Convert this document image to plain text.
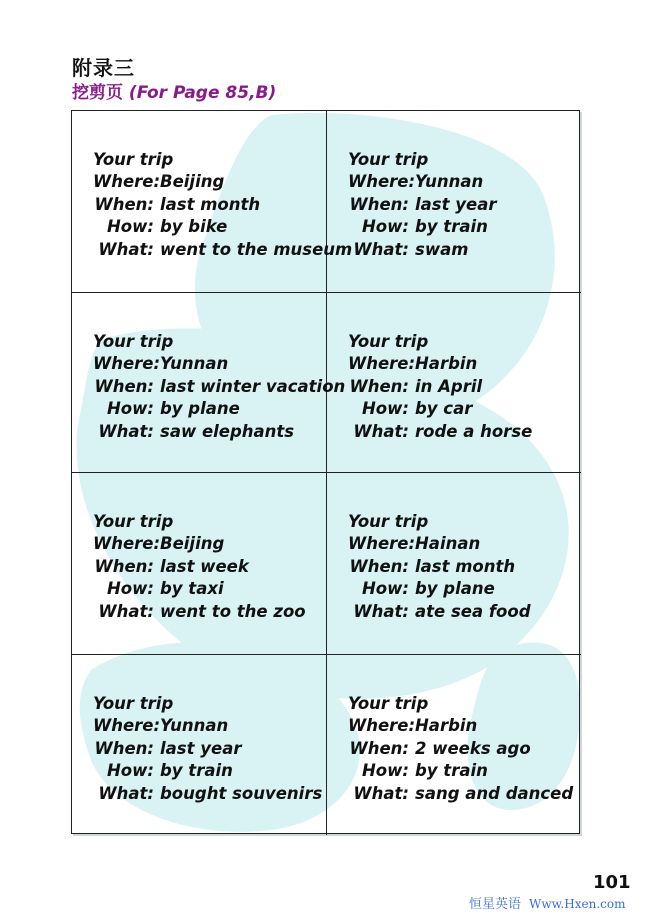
附录三
挖剪页 (For Page 85,B)
Your trip
Where: Beijing
When: last month
How: by bike
What: went to the museum
Your trip
Where: Yunnan
When: last year
How: by train
What: swam
Your trip
Where: Yunnan
When: last winter vacation
How: by plane
What: saw elephants
Your trip
Where: Harbin
When: in April
How: by car
What: rode a horse
Your trip
Where: Beijing
When: last week
How: by taxi
What: went to the zoo
Your trip
Where: Hainan
When: last month
How: by plane
What: ate sea food
Your trip
Where: Yunnan
When: last year
How: by train
What: bought souvenirs
Your trip
Where: Harbin
When: 2 weeks ago
How: by train
What: sang and danced
101
恒星英语 Www.Hxen.com
